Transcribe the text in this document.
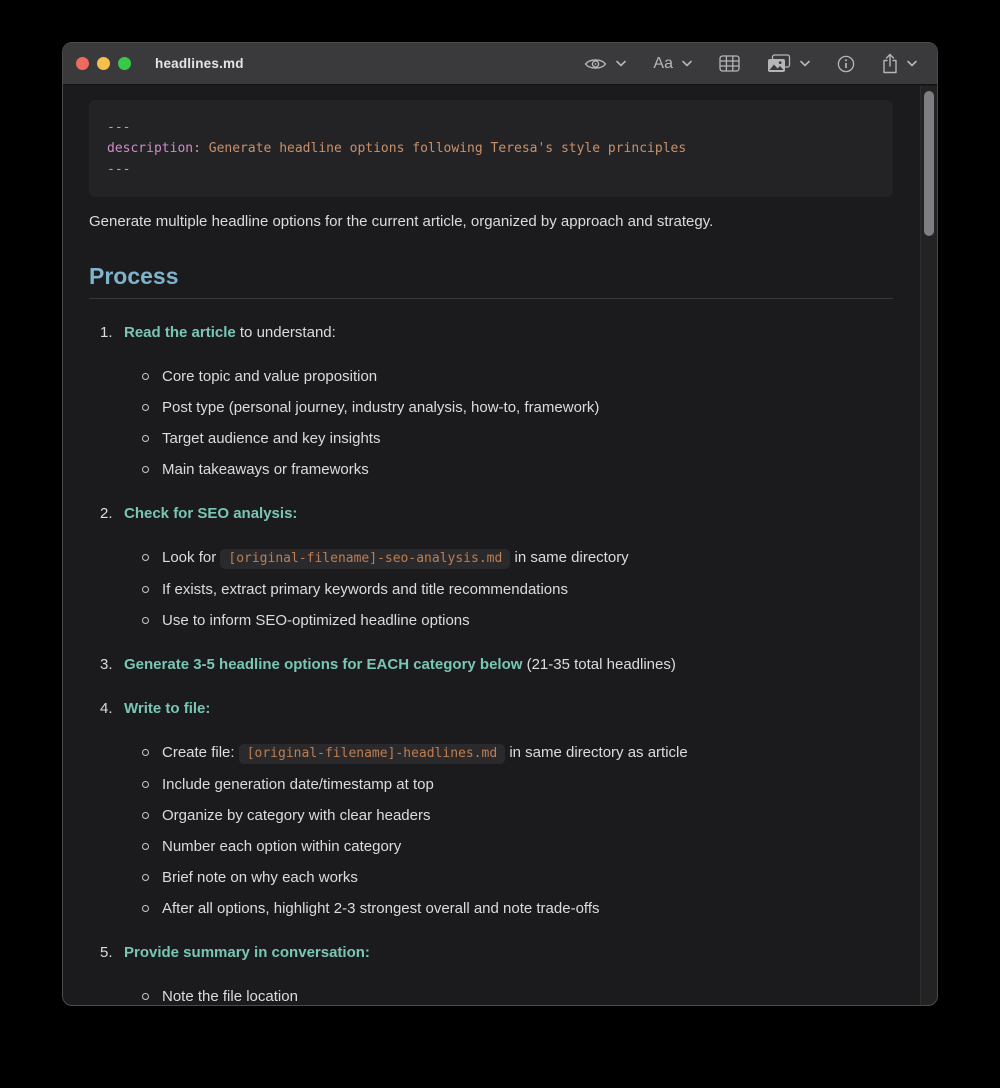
headlines.md	Aa
---
description: Generate headline options following Teresa's style principles
---

Generate multiple headline options for the current article, organized by approach and strategy.

Process
1. Read the article to understand:
Core topic and value proposition
Post type (personal journey, industry analysis, how-to, framework)
Target audience and key insights
Main takeaways or frameworks
2. Check for SEO analysis:
Look for [original-filename]-seo-analysis.md in same directory
If exists, extract primary keywords and title recommendations
Use to inform SEO-optimized headline options
3. Generate 3-5 headline options for EACH category below (21-35 total headlines)
4. Write to file:
Create file: [original-filename]-headlines.md in same directory as article
Include generation date/timestamp at top
Organize by category with clear headers
Number each option within category
Brief note on why each works
After all options, highlight 2-3 strongest overall and note trade-offs
5. Provide summary in conversation:
Note the file location
